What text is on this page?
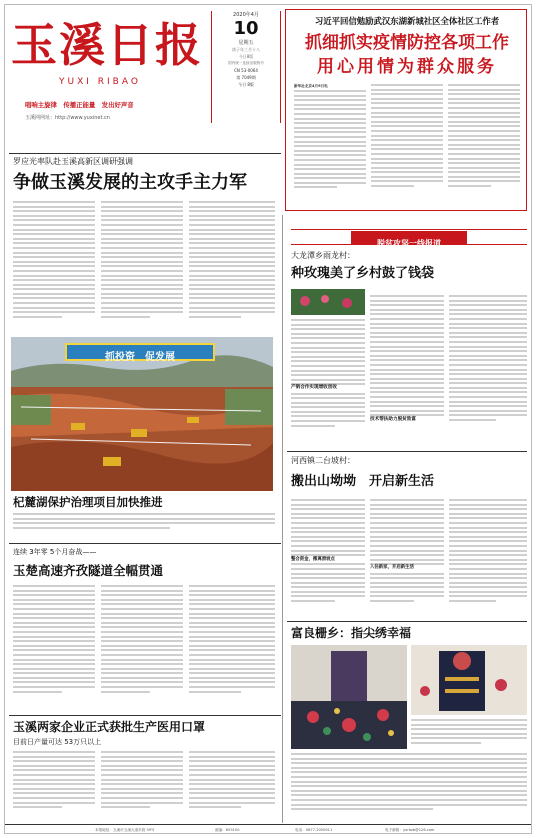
玉溪日报
YUXI RIBAO
唱响主旋律　传播正能量　发出好声音
玉溪网网址：http://www.yuxinet.cn
2020年4月
10
星期五
庚子年三月十八
今日8版
国内统一连续出版物号
CN 53-0064
第 7049期
今日 8版
习近平回信勉励武汉东湖新城社区全体社区工作者
抓细抓实疫情防控各项工作
用心用情为群众服务
新华社北京4月9日电
罗应光率队赴玉溪高新区调研强调
争做玉溪发展的主攻手主力军
抓投资　促发展
杞麓湖保护治理项目加快推进
连续 3年零 5个月奋战——
玉楚高速齐孜隧道全幅贯通
玉溪两家企业正式获批生产医用口罩
目前日产量可达 53万只以上
脱贫攻坚一线报道
大龙潭乡雨龙村：
种玫瑰美了乡村鼓了钱袋
产销合作实现增收创收
技术帮扶助力脱贫致富
河西镇二台坡村：
搬出山坳坳　开启新生活
整合资金，搬离滑坡点
入住新家，开启新生活
富良栅乡：指尖绣幸福
本报地址：玉溪市玉溪大道东段 59号	邮编：653100	电话：0877-2050911	电子邮箱：yxrbzb@126.com
